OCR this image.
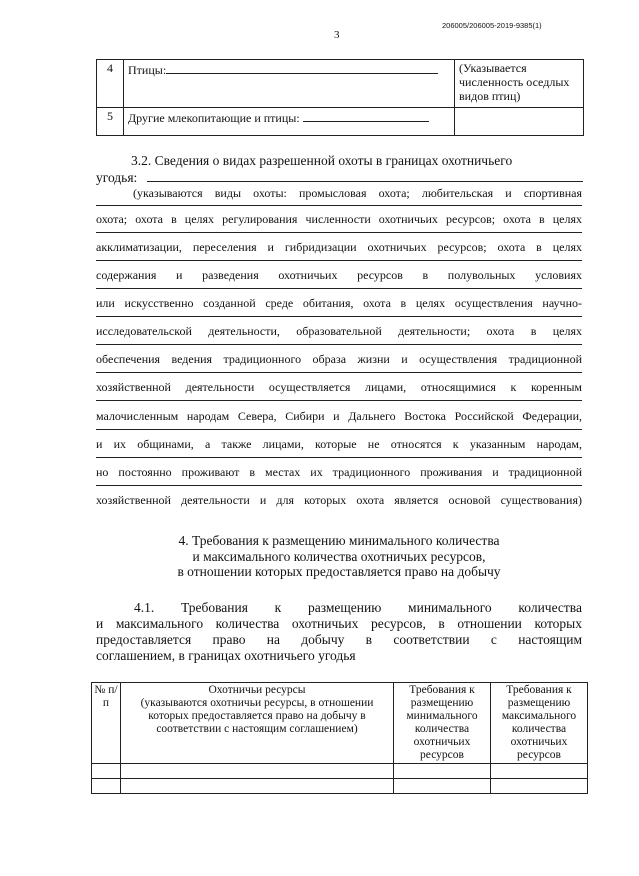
3
206005/206005-2019-9385(1)
4	Птицы:	(Указывается численность оседлых видов птиц)
5	Другие млекопитающие и птицы:	
3.2. Сведения о видах разрешенной охоты в границах охотничьего
угодья:
(указываются виды охоты: промысловая охота; любительская и спортивная
охота; охота в целях регулирования численности охотничьих ресурсов; охота в целях
акклиматизации, переселения и гибридизации охотничьих ресурсов; охота в целях
содержания и разведения охотничьих ресурсов в полувольных условиях
или искусственно созданной среде обитания, охота в целях осуществления научно-
исследовательской деятельности, образовательной деятельности; охота в целях
обеспечения ведения традиционного образа жизни и осуществления традиционной
хозяйственной деятельности осуществляется лицами, относящимися к коренным
малочисленным народам Севера, Сибири и Дальнего Востока Российской Федерации,
и их общинами, а также лицами, которые не относятся к указанным народам,
но постоянно проживают в местах их традиционного проживания и традиционной
хозяйственной деятельности и для которых охота является основой существования)
4. Требования к размещению минимального количества
и максимального количества охотничьих ресурсов,
в отношении которых предоставляется право на добычу
4.1. Требования к размещению минимального количества
и максимального количества охотничьих ресурсов, в отношении которых
предоставляется право на добычу в соответствии с настоящим
соглашением, в границах охотничьего угодья
№ п/п	Охотничьи ресурсы
(указываются охотничьи ресурсы, в отношении которых предоставляется право на добычу в соответствии с настоящим соглашением)	Требования к размещению минимального количества охотничьих ресурсов	Требования к размещению максимального количества охотничьих ресурсов
